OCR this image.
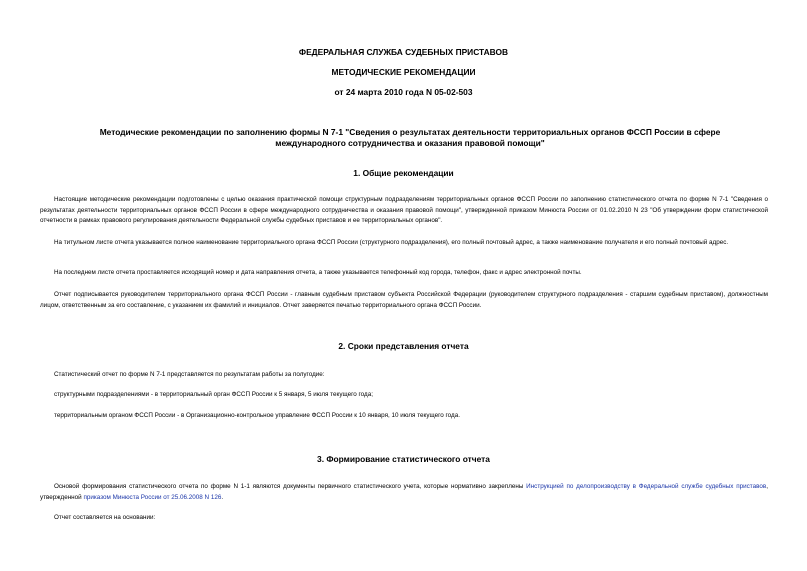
ФЕДЕРАЛЬНАЯ СЛУЖБА СУДЕБНЫХ ПРИСТАВОВ
МЕТОДИЧЕСКИЕ РЕКОМЕНДАЦИИ
от 24 марта 2010 года N 05-02-503
Методические рекомендации по заполнению формы N 7-1 "Сведения о результатах деятельности территориальных органов ФССП России в сфере международного сотрудничества и оказания правовой помощи"
1. Общие рекомендации
Настоящие методические рекомендации подготовлены с целью оказания практической помощи структурным подразделениям территориальных органов ФССП России по заполнению статистического отчета по форме N 7-1 "Сведения о результатах деятельности территориальных органов ФССП России в сфере международного сотрудничества и оказания правовой помощи", утвержденной приказом Минюста России от 01.02.2010 N 23 "Об утверждении форм статистической отчетности в рамках правового регулирования деятельности Федеральной службы судебных приставов и ее территориальных органов".
На титульном листе отчета указывается полное наименование территориального органа ФССП России (структурного подразделения), его полный почтовый адрес, а также наименование получателя и его полный почтовый адрес.
На последнем листе отчета проставляется исходящий номер и дата направления отчета, а также указывается телефонный код города, телефон, факс и адрес электронной почты.
Отчет подписывается руководителем территориального органа ФССП России - главным судебным приставом субъекта Российской Федерации (руководителем структурного подразделения - старшим судебным приставом), должностным лицом, ответственным за его составление, с указанием их фамилий и инициалов. Отчет заверяется печатью территориального органа ФССП России.
2. Сроки представления отчета
Статистический отчет по форме N 7-1 представляется по результатам работы за полугодие:
структурными подразделениями - в территориальный орган ФССП России к 5 января, 5 июля текущего года;
территориальным органом ФССП России - в Организационно-контрольное управление ФССП России к 10 января, 10 июля текущего года.
3. Формирование статистического отчета
Основой формирования статистического отчета по форме N 1-1 являются документы первичного статистического учета, которые нормативно закреплены Инструкцией по делопроизводству в Федеральной службе судебных приставов, утвержденной приказом Минюста России от 25.06.2008 N 126.
Отчет составляется на основании:
